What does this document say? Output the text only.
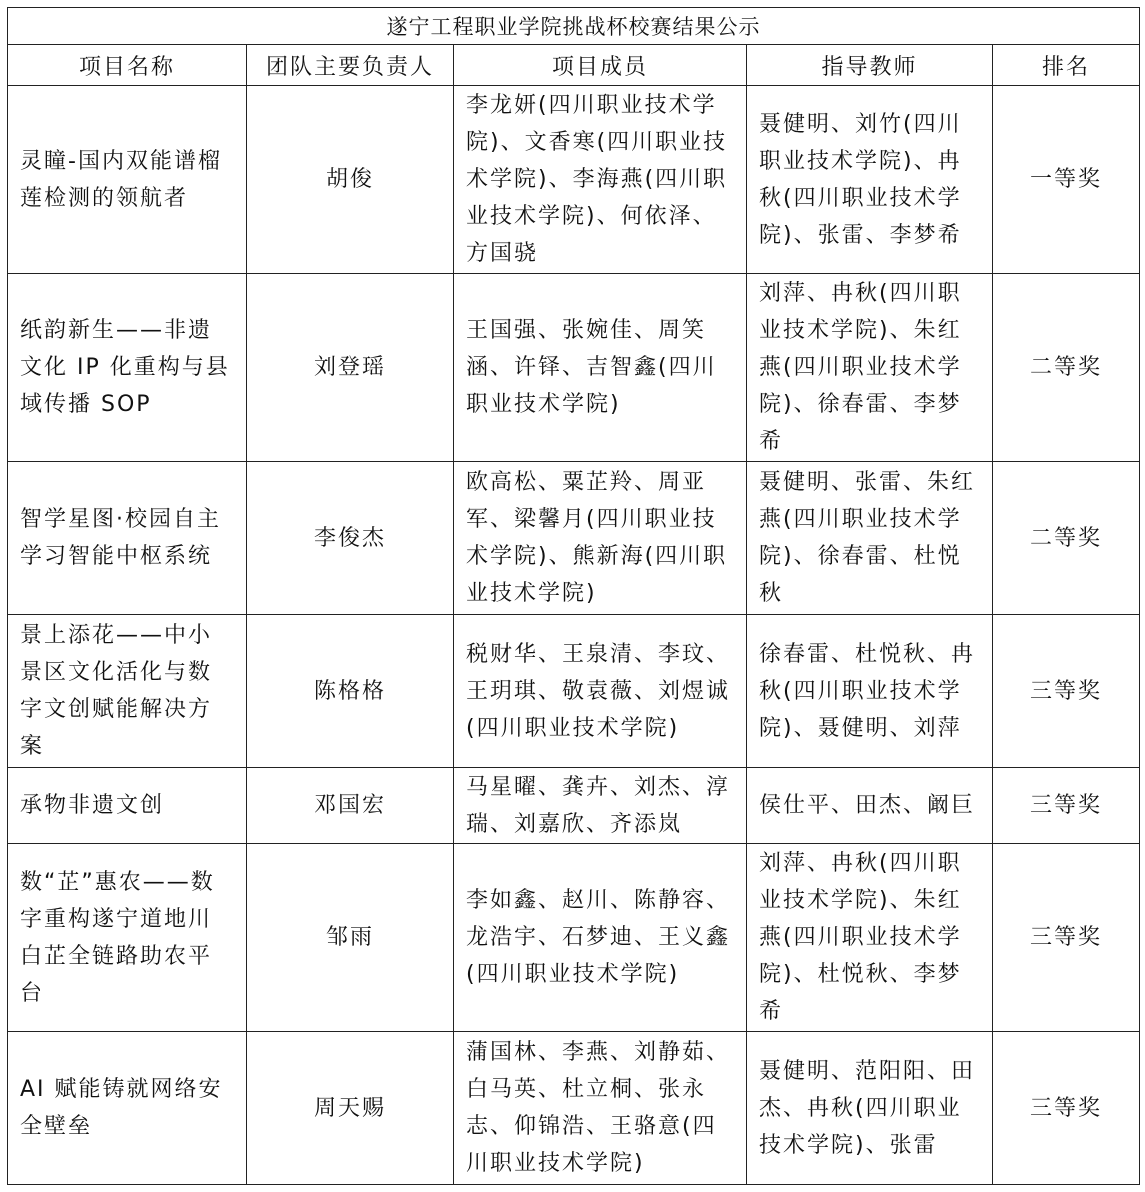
遂宁工程职业学院挑战杯校赛结果公示				
项目名称	团队主要负责人	项目成员	指导教师	排名
灵瞳-国内双能谱榴莲检测的领航者	胡俊	李龙妍(四川职业技术学院)、文香寒(四川职业技术学院)、李海燕(四川职业技术学院)、何依泽、方国骁	聂健明、刘竹(四川职业技术学院)、冉秋(四川职业技术学院)、张雷、李梦希	一等奖
纸韵新生——非遗文化 IP 化重构与县域传播 SOP	刘登瑶	王国强、张婉佳、周笑涵、许铎、吉智鑫(四川职业技术学院)	刘萍、冉秋(四川职业技术学院)、朱红燕(四川职业技术学院)、徐春雷、李梦希	二等奖
智学星图·校园自主学习智能中枢系统	李俊杰	欧高松、粟芷羚、周亚军、梁馨月(四川职业技术学院)、熊新海(四川职业技术学院)	聂健明、张雷、朱红燕(四川职业技术学院)、徐春雷、杜悦秋	二等奖
景上添花——中小景区文化活化与数字文创赋能解决方案	陈格格	税财华、王泉清、李玟、王玥琪、敬袁薇、刘煜诚(四川职业技术学院)	徐春雷、杜悦秋、冉秋(四川职业技术学院)、聂健明、刘萍	三等奖
承物非遗文创	邓国宏	马星曜、龚卉、刘杰、淳瑞、刘嘉欣、齐添岚	侯仕平、田杰、阚巨	三等奖
数“芷”惠农——数字重构遂宁道地川白芷全链路助农平台	邹雨	李如鑫、赵川、陈静容、龙浩宇、石梦迪、王义鑫(四川职业技术学院)	刘萍、冉秋(四川职业技术学院)、朱红燕(四川职业技术学院)、杜悦秋、李梦希	三等奖
AI 赋能铸就网络安全壁垒	周天赐	蒲国林、李燕、刘静茹、白马英、杜立桐、张永志、仰锦浩、王骆意(四川职业技术学院)	聂健明、范阳阳、田杰、冉秋(四川职业技术学院)、张雷	三等奖
